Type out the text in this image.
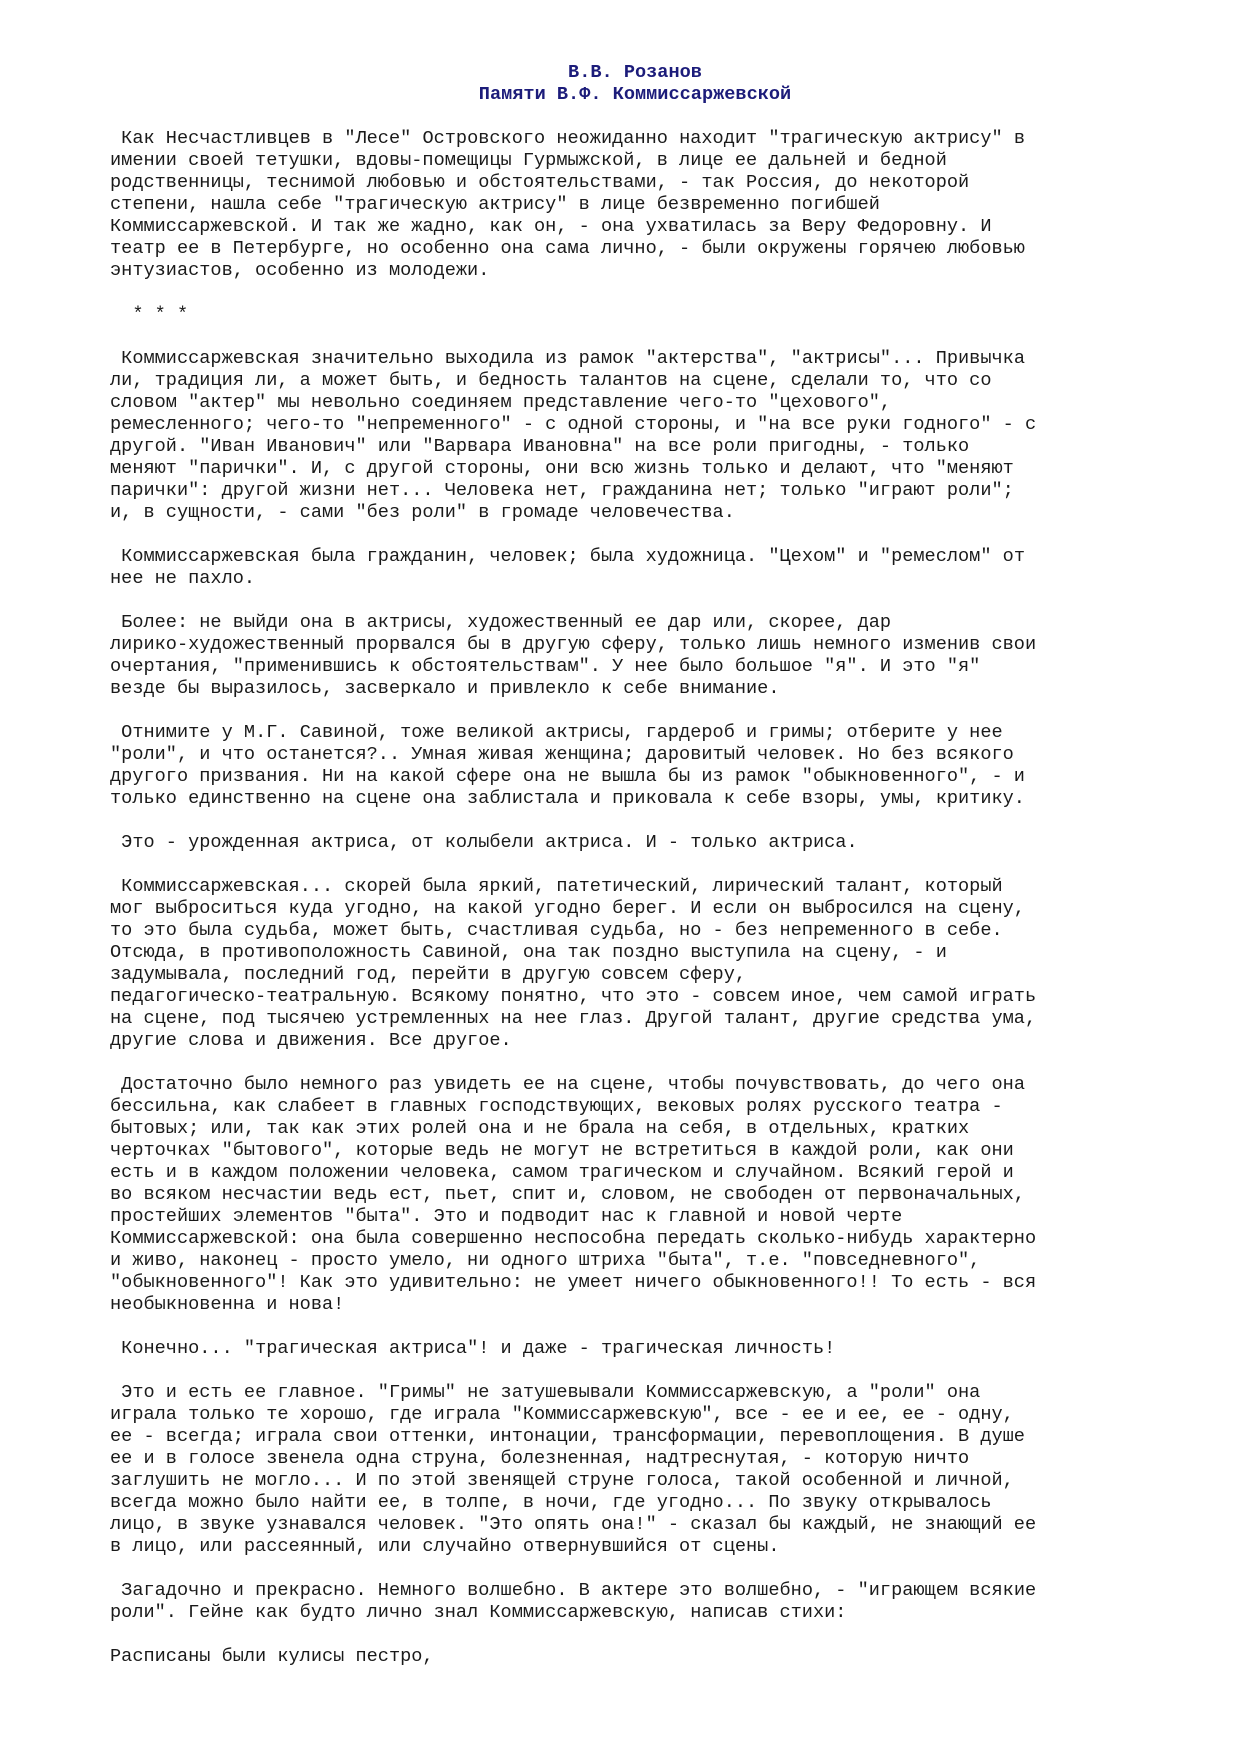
В.В. Розанов
Памяти В.Ф. Коммиссаржевской
Как Несчастливцев в "Лесе" Островского неожиданно находит "трагическую актрису" в
имении своей тетушки, вдовы-помещицы Гурмыжской, в лице ее дальней и бедной
родственницы, теснимой любовью и обстоятельствами, - так Россия, до некоторой
степени, нашла себе "трагическую актрису" в лице безвременно погибшей
Коммиссаржевской. И так же жадно, как он, - она ухватилась за Веру Федоровну. И
театр ее в Петербурге, но особенно она сама лично, - были окружены горячею любовью
энтузиастов, особенно из молодежи.
* * *
Коммиссаржевская значительно выходила из рамок "актерства", "актрисы"... Привычка
ли, традиция ли, а может быть, и бедность талантов на сцене, сделали то, что со
словом "актер" мы невольно соединяем представление чего-то "цехового",
ремесленного; чего-то "непременного" - с одной стороны, и "на все руки годного" - с
другой. "Иван Иванович" или "Варвара Ивановна" на все роли пригодны, - только
меняют "парички". И, с другой стороны, они всю жизнь только и делают, что "меняют
парички": другой жизни нет... Человека нет, гражданина нет; только "играют роли";
и, в сущности, - сами "без роли" в громаде человечества.
Коммиссаржевская была гражданин, человек; была художница. "Цехом" и "ремеслом" от
нее не пахло.
Более: не выйди она в актрисы, художественный ее дар или, скорее, дар
лирико-художественный прорвался бы в другую сферу, только лишь немного изменив свои
очертания, "применившись к обстоятельствам". У нее было большое "я". И это "я"
везде бы выразилось, засверкало и привлекло к себе внимание.
Отнимите у М.Г. Савиной, тоже великой актрисы, гардероб и гримы; отберите у нее
"роли", и что останется?.. Умная живая женщина; даровитый человек. Но без всякого
другого призвания. Ни на какой сфере она не вышла бы из рамок "обыкновенного", - и
только единственно на сцене она заблистала и приковала к себе взоры, умы, критику.
Это - урожденная актриса, от колыбели актриса. И - только актриса.
Коммиссаржевская... скорей была яркий, патетический, лирический талант, который
мог выброситься куда угодно, на какой угодно берег. И если он выбросился на сцену,
то это была судьба, может быть, счастливая судьба, но - без непременного в себе.
Отсюда, в противоположность Савиной, она так поздно выступила на сцену, - и
задумывала, последний год, перейти в другую совсем сферу,
педагогическо-театральную. Всякому понятно, что это - совсем иное, чем самой играть
на сцене, под тысячею устремленных на нее глаз. Другой талант, другие средства ума,
другие слова и движения. Все другое.
Достаточно было немного раз увидеть ее на сцене, чтобы почувствовать, до чего она
бессильна, как слабеет в главных господствующих, вековых ролях русского театра -
бытовых; или, так как этих ролей она и не брала на себя, в отдельных, кратких
черточках "бытового", которые ведь не могут не встретиться в каждой роли, как они
есть и в каждом положении человека, самом трагическом и случайном. Всякий герой и
во всяком несчастии ведь ест, пьет, спит и, словом, не свободен от первоначальных,
простейших элементов "быта". Это и подводит нас к главной и новой черте
Коммиссаржевской: она была совершенно неспособна передать сколько-нибудь характерно
и живо, наконец - просто умело, ни одного штриха "быта", т.е. "повседневного",
"обыкновенного"! Как это удивительно: не умеет ничего обыкновенного!! То есть - вся
необыкновенна и нова!
Конечно... "трагическая актриса"! и даже - трагическая личность!
Это и есть ее главное. "Гримы" не затушевывали Коммиссаржевскую, а "роли" она
играла только те хорошо, где играла "Коммиссаржевскую", все - ее и ее, ее - одну,
ее - всегда; играла свои оттенки, интонации, трансформации, перевоплощения. В душе
ее и в голосе звенела одна струна, болезненная, надтреснутая, - которую ничто
заглушить не могло... И по этой звенящей струне голоса, такой особенной и личной,
всегда можно было найти ее, в толпе, в ночи, где угодно... По звуку открывалось
лицо, в звуке узнавался человек. "Это опять она!" - сказал бы каждый, не знающий ее
в лицо, или рассеянный, или случайно отвернувшийся от сцены.
Загадочно и прекрасно. Немного волшебно. В актере это волшебно, - "играющем всякие
роли". Гейне как будто лично знал Коммиссаржевскую, написав стихи:
Расписаны были кулисы пестро,
